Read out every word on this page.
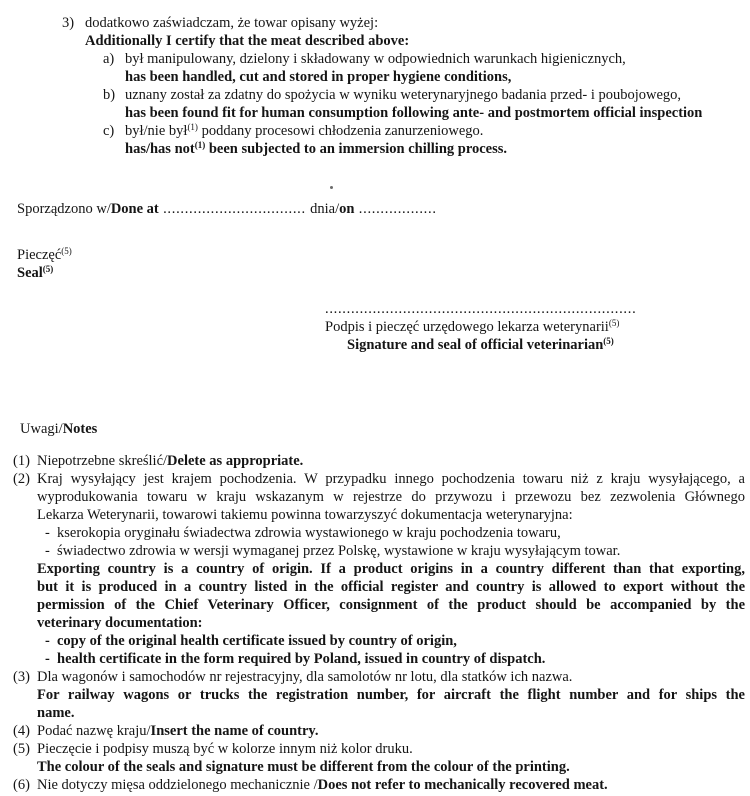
3) dodatkowo zaświadczam, że towar opisany wyżej:
Additionally I certify that the meat described above:
a) był manipulowany, dzielony i składowany w odpowiednich warunkach higienicznych,
has been handled, cut and stored in proper hygiene conditions,
b) uznany został za zdatny do spożycia w wyniku weterynaryjnego badania przed- i poubojowego,
has been found fit for human consumption following ante- and postmortem official inspection
c) był/nie był$^{(1)}$ poddany procesowi chłodzenia zanurzeniowego.
has/has not$^{(1)}$ been subjected to an immersion chilling process.
Sporządzono w/Done at ................................. dnia/on ..................
Pieczęć$^{(5)}$
Seal$^{(5)}$
........................................................................
Podpis i pieczęć urzędowego lekarza weterynarii$^{(5)}$
Signature and seal of official veterinarian$^{(5)}$
Uwagi/Notes
(1) Niepotrzebne skreślić/Delete as appropriate.
(2) Kraj wysyłający jest krajem pochodzenia. W przypadku innego pochodzenia towaru niż z kraju wysyłającego, a
wyprodukowania towaru w kraju wskazanym w rejestrze do przywozu i przewozu bez zezwolenia Głównego
Lekarza Weterynarii, towarowi takiemu powinna towarzyszyć dokumentacja weterynaryjna:
- kserokopia oryginału świadectwa zdrowia wystawionego w kraju pochodzenia towaru,
- świadectwo zdrowia w wersji wymaganej przez Polskę, wystawione w kraju wysyłającym towar.
Exporting country is a country of origin. If a product origins in a country different than that exporting,
but it is produced in a country listed in the official register and country is allowed to export without the
permission of the Chief Veterinary Officer, consignment of the product should be accompanied by the
veterinary documentation:
- copy of the original health certificate issued by country of origin,
- health certificate in the form required by Poland, issued in country of dispatch.
(3) Dla wagonów i samochodów nr rejestracyjny, dla samolotów nr lotu, dla statków ich nazwa.
For railway wagons or trucks the registration number, for aircraft the flight number and for ships the
name.
(4) Podać nazwę kraju/Insert the name of country.
(5) Pieczęcie i podpisy muszą być w kolorze innym niż kolor druku.
The colour of the seals and signature must be different from the colour of the printing.
(6) Nie dotyczy mięsa oddzielonego mechanicznie /Does not refer to mechanically recovered meat.
